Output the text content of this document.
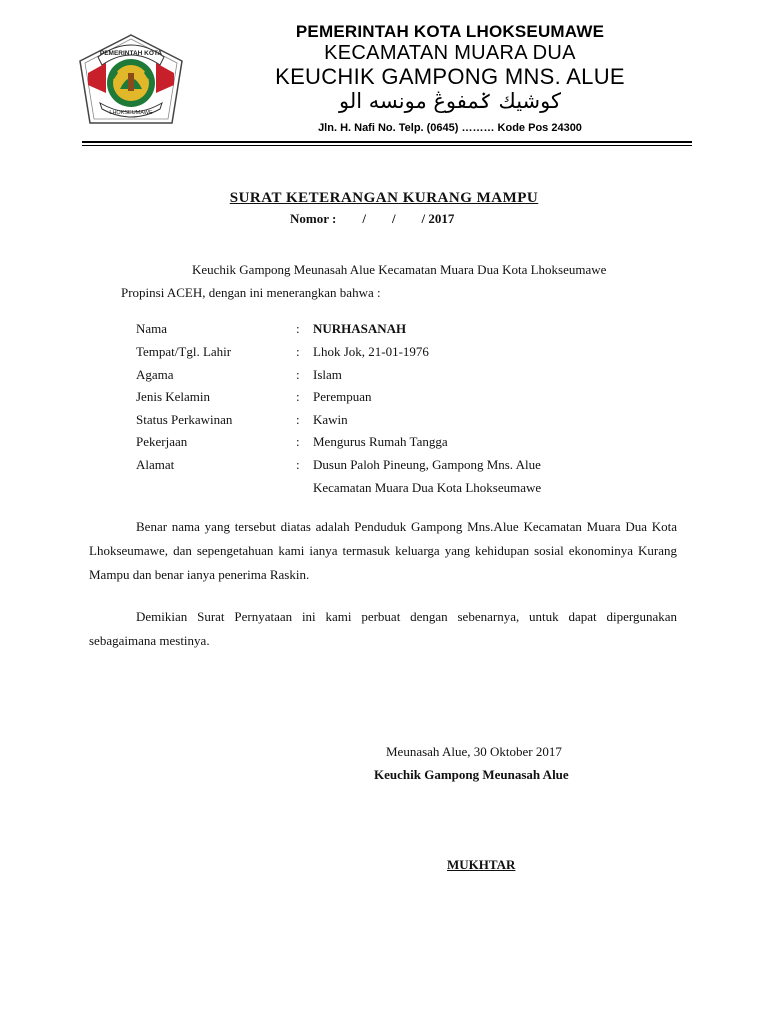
PEMERINTAH KOTA
LHOKSEUMAWE
PEMERINTAH KOTA LHOKSEUMAWE
KECAMATAN MUARA DUA
KEUCHIK GAMPONG MNS. ALUE
كوشيك ݢمفوڠ مونسه الو
Jln. H. Nafi No. Telp. (0645) ……… Kode Pos 24300
SURAT KETERANGAN KURANG MAMPU
Nomor :        /        /        / 2017
Keuchik Gampong Meunasah Alue Kecamatan Muara Dua Kota Lhokseumawe
Propinsi ACEH, dengan ini menerangkan bahwa :
Nama	: NURHASANAH
Tempat/Tgl. Lahir	: Lhok Jok, 21-01-1976
Agama	: Islam
Jenis Kelamin	: Perempuan
Status Perkawinan	: Kawin
Pekerjaan	: Mengurus Rumah Tangga
Alamat	: Dusun Paloh Pineung, Gampong Mns. Alue
Kecamatan Muara Dua Kota Lhokseumawe
Benar nama yang tersebut diatas adalah Penduduk Gampong Mns.Alue Kecamatan Muara Dua Kota Lhokseumawe, dan sepengetahuan kami ianya termasuk keluarga yang kehidupan sosial ekonominya Kurang Mampu dan benar ianya penerima Raskin.
Demikian Surat Pernyataan ini kami perbuat dengan sebenarnya, untuk dapat dipergunakan sebagaimana mestinya.
Meunasah Alue, 30 Oktober 2017
Keuchik Gampong Meunasah Alue
MUKHTAR
